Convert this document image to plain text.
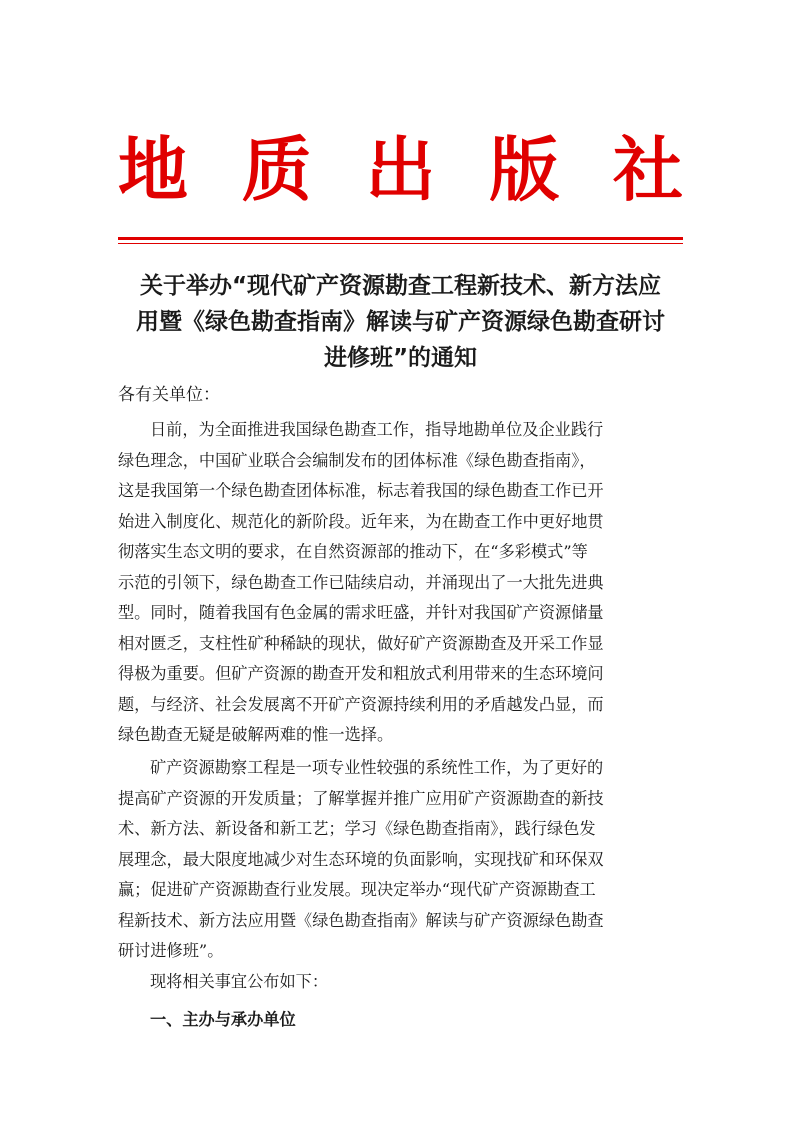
地 质 出 版 社
关于举办“现代矿产资源勘查工程新技术、新方法应
用暨《绿色勘查指南》解读与矿产资源绿色勘查研讨
进修班”的通知
各有关单位：
日前，为全面推进我国绿色勘查工作，指导地勘单位及企业践行
绿色理念，中国矿业联合会编制发布的团体标准《绿色勘查指南》，
这是我国第一个绿色勘查团体标准，标志着我国的绿色勘查工作已开
始进入制度化、规范化的新阶段。近年来，为在勘查工作中更好地贯
彻落实生态文明的要求，在自然资源部的推动下，在“多彩模式”等
示范的引领下，绿色勘查工作已陆续启动，并涌现出了一大批先进典
型。同时，随着我国有色金属的需求旺盛，并针对我国矿产资源储量
相对匮乏，支柱性矿种稀缺的现状，做好矿产资源勘查及开采工作显
得极为重要。但矿产资源的勘查开发和粗放式利用带来的生态环境问
题，与经济、社会发展离不开矿产资源持续利用的矛盾越发凸显，而
绿色勘查无疑是破解两难的惟一选择。
矿产资源勘察工程是一项专业性较强的系统性工作，为了更好的
提高矿产资源的开发质量；了解掌握并推广应用矿产资源勘查的新技
术、新方法、新设备和新工艺；学习《绿色勘查指南》，践行绿色发
展理念，最大限度地减少对生态环境的负面影响，实现找矿和环保双
赢；促进矿产资源勘查行业发展。现决定举办“现代矿产资源勘查工
程新技术、新方法应用暨《绿色勘查指南》解读与矿产资源绿色勘查
研讨进修班”。
现将相关事宜公布如下：
一、主办与承办单位
